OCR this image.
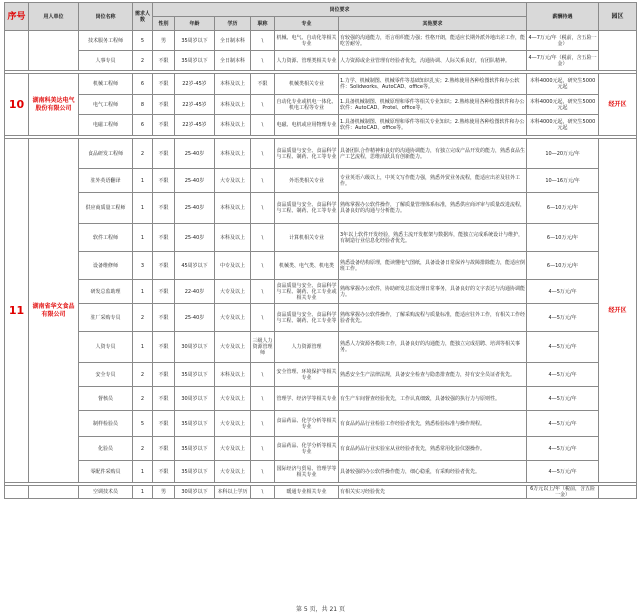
序号	用人单位	岗位名称	需求人数	岗位要求						薪酬待遇	园区
				性别	年龄	学历	职称	专业	其他要求		
		技术服务工程师	5	男	35周岁以下	全日制本科	\	机械、电气、自动化等相关专业	有较强的沟通能力，语言组织能力强；性格开朗，能适应长期外派外地出差工作，能吃苦耐劳。	4—7万元/年（税前，含五险一金）	
		人事专员	2	不限	35周岁以下	全日制本科	\	人力资源、管理类相关专业	人力资源或企业管理有经验者优先，沟通协调、人际关系良好，有团队精神。	4—7万元/年（税前，含五险一金）	

10	湖南科美达电气股份有限公司	机械工程师	6	不限	22岁-45岁	本科及以上	不限	机械类相关专业	1.力学、机械制图、机械零件等基础知识扎实；2.熟练使用各种绘图软件和办公软件：Solidworks、AutoCAD、office等。	本科4000元起，研究生5000元起	经开区
		电气工程师	8	不限	22岁-45岁	本科及以上	\	自动化专业或机电一体化、机电工程等专业	1.具备机械制图、机械原理和零件等相关专业知识；2.熟练使用各种绘图软件和办公软件：AutoCAD、Protel、office等。	本科4000元起，研究生5000元起	
		电磁工程师	6	不限	22岁-45岁	本科及以上	\	电磁、电机或应用物理专业	1.具备机械制图、机械原理和零件等相关专业知识；2.熟练使用各种绘图软件和办公软件：AutoCAD、office等。	本科4000元起，研究生5000元起	

11	湖南省华文食品有限公司	食品研发工程师	2	不限	25-40岁	本科及以上	\	食品质量与安全、食品科学与工程、制药、化工等专业	具备团队合作精神和良好的沟通协调能力，有独立完成产品开发的能力，熟悉食品生产工艺流程，思维活跃具有创新能力。	10—20万元/年	经开区
		驻外英语翻译	1	不限	25-40岁	大专及以上	\	外语类相关专业	专业英语六级以上，中英文写作能力强，熟悉外贸业务流程，能适应出差及驻外工作。	10—16万元/年	
		供应商质量工程师	1	不限	25-40岁	本科及以上	\	食品质量与安全、食品科学与工程、制药、化工等专业	熟练掌握办公软件操作，了解质量管理体系标准，熟悉供应商评审与质量改进流程，具备良好的沟通与分析能力。	6—10万元/年	
		软件工程师	1	不限	25-40岁	本科及以上	\	计算机相关专业	3年以上软件开发经验，熟悉主流开发框架与数据库，能独立完成系统设计与维护，有制造行业信息化经验者优先。	6—10万元/年	
		设备维修师	3	不限	45周岁以下	中专及以上	\	机械类、电气类、机电类	熟悉设备结构原理，能读懂电气图纸，具备设备日常保养与故障排除能力，能适应倒班工作。	6—10万元/年	
		研发总监助理	1	不限	22-40岁	大专及以上	\	食品质量与安全、食品科学与工程、制药、化工专业或相关专业	熟练掌握办公软件，协助研发总监处理日常事务，具备良好的文字表达与沟通协调能力。	4—5万元/年	
		驻厂采购专员	2	不限	25-40岁	大专及以上	\	食品质量与安全、食品科学与工程、制药、化工专业等	熟练掌握办公软件操作，了解采购流程与质量标准，能适应驻外工作，有相关工作经验者优先。	4—5万元/年	
		人资专员	1	不限	30周岁以下	大专及以上	三级人力资源管理师	人力资源管理	熟悉人力资源各模块工作，具备良好的沟通能力，能独立完成招聘、培训等相关事务。	4—5万元/年	
		安全专员	2	不限	35周岁以下	本科及以上	\	安全管理、环境保护等相关专业	熟悉安全生产法律法规，具备安全检查与隐患排查能力，持有安全员证者优先。	4—5万元/年	
		督核员	2	不限	30周岁以下	大专及以上	\	管理学、经济学等相关专业	有生产车间督查经验优先，工作认真细致，具备较强的执行力与原则性。	4—5万元/年	
		制样检验员	5	不限	35周岁以下	大专及以上	\	食品药品、化学分析等相关专业	有食品药品行业检验工作经验者优先，熟悉检验标准与操作规程。	4—5万元/年	
		化验员	2	不限	35周岁以下	大专及以上	\	食品药品、化学分析等相关专业	有食品药品行业实验室从业经验者优先，熟悉常用化验仪器操作。	4—5万元/年	
		零配件采购员	1	不限	35周岁以下	大专及以上	\	国际经济与贸易、管理学等相关专业	具备较强的办公软件操作能力，细心稳重，有采购经验者优先。	4—5万元/年	

		空调技术员	1	男	30周岁以下	本科以上学历	\	暖通专业相关专业	有相关实习经验优先	6万元以上/年（税前，含五险一金）	
第 5 页，共 21 页
